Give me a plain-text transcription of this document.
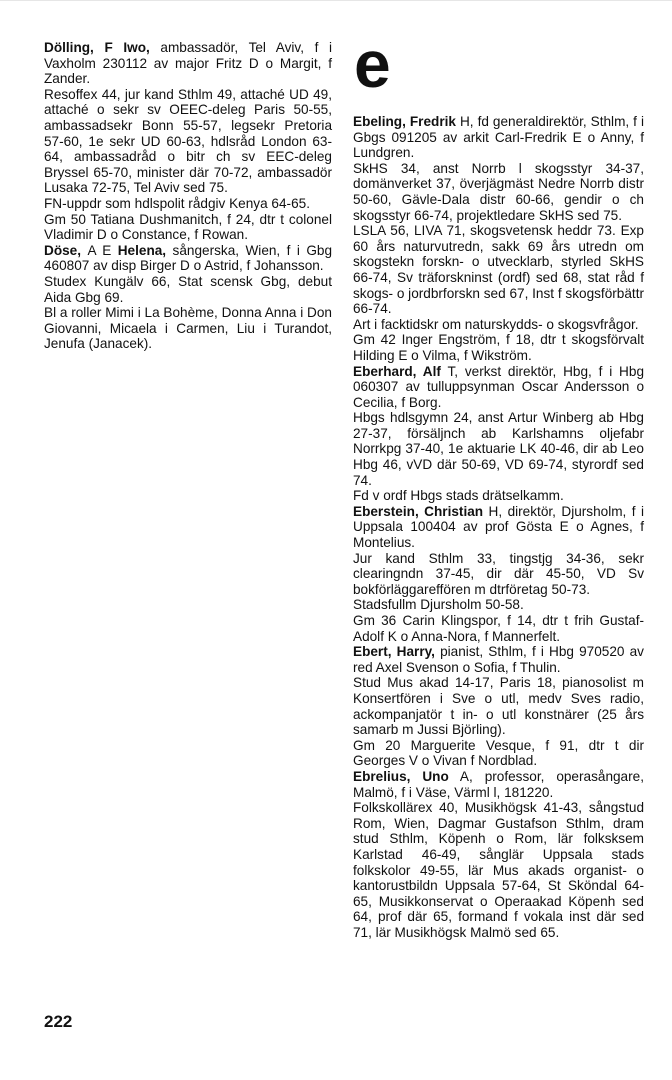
Dölling, F Iwo, ambassadör, Tel Aviv, f i Vaxholm 230112 av major Fritz D o Margit, f Zander.

Resoffex 44, jur kand Sthlm 49, attaché UD 49, attaché o sekr sv OEEC-deleg Paris 50-55, ambassadsekr Bonn 55-57, legsekr Pretoria 57-60, 1e sekr UD 60-63, hdlsråd London 63-64, ambassadråd o bitr ch sv EEC-deleg Bryssel 65-70, minister där 70-72, ambassadör Lusaka 72-75, Tel Aviv sed 75.

FN-uppdr som hdlspolit rådgiv Kenya 64-65.

Gm 50 Tatiana Dushmanitch, f 24, dtr t colonel Vladimir D o Constance, f Rowan.

Döse, A E Helena, sångerska, Wien, f i Gbg 460807 av disp Birger D o Astrid, f Johansson.

Studex Kungälv 66, Stat scensk Gbg, debut Aida Gbg 69.

Bl a roller Mimi i La Bohème, Donna Anna i Don Giovanni, Micaela i Carmen, Liu i Turandot, Jenufa (Janacek).

e

Ebeling, Fredrik H, fd generaldirektör, Sthlm, f i Gbgs 091205 av arkit Carl-Fredrik E o Anny, f Lundgren.

SkHS 34, anst Norrb l skogsstyr 34-37, domänverket 37, överjägmäst Nedre Norrb distr 50-60, Gävle-Dala distr 60-66, gendir o ch skogsstyr 66-74, projektledare SkHS sed 75.

LSLA 56, LIVA 71, skogsvetensk heddr 73. Exp 60 års naturvutredn, sakk 69 års utredn om skogstekn forskn- o utvecklarb, styrled SkHS 66-74, Sv träforskninst (ordf) sed 68, stat råd f skogs- o jordbrforskn sed 67, Inst f skogsförbättr 66-74.

Art i facktidskr om naturskydds- o skogsvfrågor.

Gm 42 Inger Engström, f 18, dtr t skogsförvalt Hilding E o Vilma, f Wikström.

Eberhard, Alf T, verkst direktör, Hbg, f i Hbg 060307 av tulluppsynman Oscar Andersson o Cecilia, f Borg.

Hbgs hdlsgymn 24, anst Artur Winberg ab Hbg 27-37, försäljnch ab Karlshamns oljefabr Norrkpg 37-40, 1e aktuarie LK 40-46, dir ab Leo Hbg 46, vVD där 50-69, VD 69-74, styrordf sed 74.

Fd v ordf Hbgs stads drätselkamm.

Eberstein, Christian H, direktör, Djursholm, f i Uppsala 100404 av prof Gösta E o Agnes, f Montelius.

Jur kand Sthlm 33, tingstjg 34-36, sekr clearingndn 37-45, dir där 45-50, VD Sv bokförläggareffören m dtrföretag 50-73.

Stadsfullm Djursholm 50-58.

Gm 36 Carin Klingspor, f 14, dtr t frih Gustaf-Adolf K o Anna-Nora, f Mannerfelt.

Ebert, Harry, pianist, Sthlm, f i Hbg 970520 av red Axel Svenson o Sofia, f Thulin.

Stud Mus akad 14-17, Paris 18, pianosolist m Konsertfören i Sve o utl, medv Sves radio, ackompanjatör t in- o utl konstnärer (25 års samarb m Jussi Björling).

Gm 20 Marguerite Vesque, f 91, dtr t dir Georges V o Vivan f Nordblad.

Ebrelius, Uno A, professor, operasångare, Malmö, f i Väse, Värml l, 181220.

Folkskollärex 40, Musikhögsk 41-43, sångstud Rom, Wien, Dagmar Gustafson Sthlm, dram stud Sthlm, Köpenh o Rom, lär folksksem Karlstad 46-49, sånglär Uppsala stads folkskolor 49-55, lär Mus akads organist- o kantorustbildn Uppsala 57-64, St Sköndal 64-65, Musikkonservat o Operaakad Köpenh sed 64, prof där 65, formand f vokala inst där sed 71, lär Musikhögsk Malmö sed 65.

222
